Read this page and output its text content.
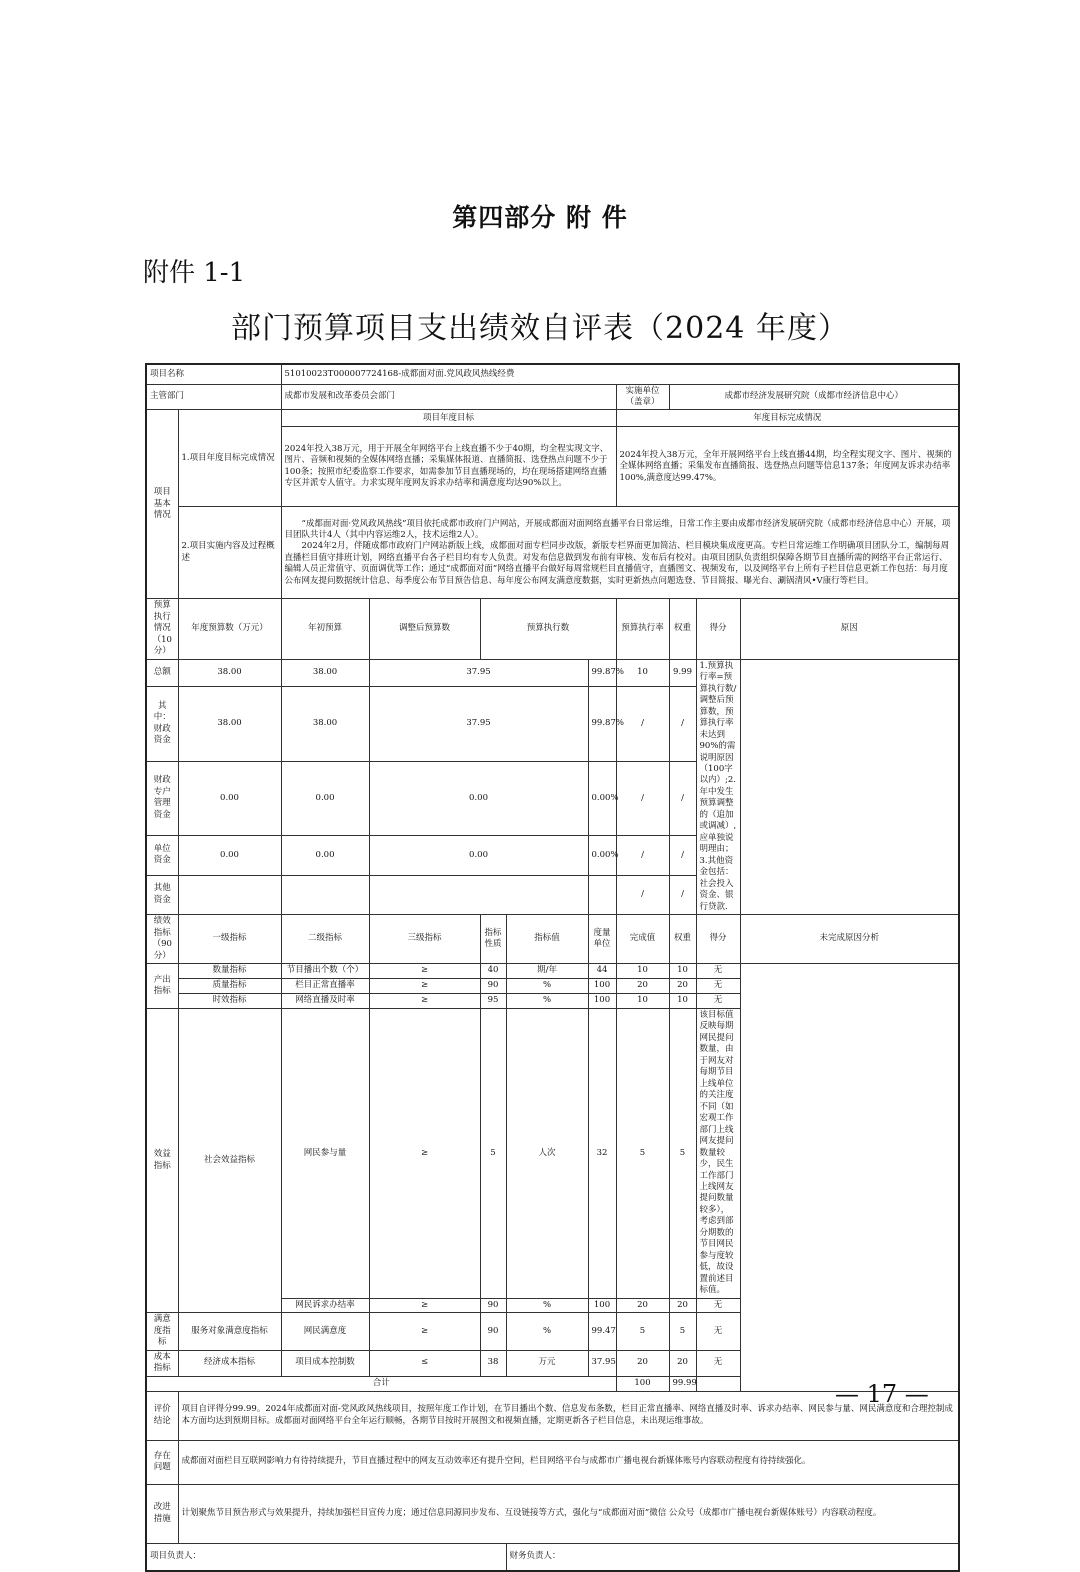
第四部分 附 件
附件 1-1
部门预算项目支出绩效自评表（2024 年度）
项目名称		51010023T000007724168-成都面对面.党风政风热线经费								
主管部门		成都市发展和改革委员会部门					实施单位（盖章）	成都市经济发展研究院（成都市经济信息中心）		
项目基本情况	1.项目年度目标完成情况	项目年度目标					年度目标完成情况			
		2024年投入38万元，用于开展全年网络平台上线直播不少于40期，均全程实现文字、图片、音频和视频的全媒体网络直播；采集媒体报道、直播简报、选登热点问题不少于100条；按照市纪委监察工作要求，如需参加节目直播现场的，均在现场搭建网络直播专区并派专人值守。力求实现年度网友诉求办结率和满意度均达90%以上。					2024年投入38万元，全年开展网络平台上线直播44期，均全程实现文字、图片、视频的全媒体网络直播；采集发布直播简报、选登热点问题等信息137条；年度网友诉求办结率100%,满意度达99.47%。			
	2.项目实施内容及过程概述	“成都面对面·党风政风热线”项目依托成都市政府门户网站，开展成都面对面网络直播平台日常运维，日常工作主要由成都市经济发展研究院（成都市经济信息中心）开展，项目团队共计4人（其中内容运维2人，技术运维2人）。
2024年2月，伴随成都市政府门户网站新版上线，成都面对面专栏同步改版，新版专栏界面更加简洁、栏目模块集成度更高。专栏日常运维工作明确项目团队分工，编制每周直播栏目值守排班计划，网络直播平台各子栏目均有专人负责。对发布信息做到发布前有审核、发布后有校对。由项目团队负责组织保障各期节目直播所需的网络平台正常运行、编辑人员正常值守、页面调优等工作；通过“成都面对面”网络直播平台做好每周常规栏目直播值守，直播图文、视频发布，以及网络平台上所有子栏目信息更新工作包括：每月度公布网友提问数据统计信息、每季度公布节目预告信息、每年度公布网友满意度数据，实时更新热点问题选登、节目简报、曝光台、涮锅清风•V康行等栏目。								

预算执行情况（10分）	年度预算数（万元）	年初预算	调整后预算数	预算执行数			预算执行率	权重	得分	原因
总额	38.00	38.00	37.95			99.87%	10	9.99	1.预算执行率=预算执行数/调整后预算数，预算执行率未达到90%的需说明原因（100字以内）;2.年中发生预算调整的（追加或调减）,应单独说明理由；3.其他资金包括：社会投入资金、银行贷款.	
其中：财政资金	38.00	38.00	37.95			99.87%	/	/		
财政专户管理资金	0.00	0.00	0.00			0.00%	/	/		
单位资金	0.00	0.00	0.00			0.00%	/	/		
其他资金							/	/		
绩效指标（90分）	一级指标	二级指标	三级指标	指标性质	指标值	度量单位	完成值	权重	得分	未完成原因分析
产出指标	数量指标	节目播出个数（个）	≥	40	期/年	44	10	10	无	
	质量指标	栏目正常直播率	≥	90	%	100	20	20	无	
	时效指标	网络直播及时率	≥	95	%	100	10	10	无	
效益指标	社会效益指标	网民参与量	≥	5	人次	32	5	5	该目标值反映每期网民提问数量，由于网友对每期节目上线单位的关注度不同（如宏观工作部门上线网友提问数量较少，民生工作部门上线网友提问数量较多），考虑到部分期数的节目网民参与度较低，故设置前述目标值。	
		网民诉求办结率	≥	90	%	100	20	20	无	
满意度指标	服务对象满意度指标	网民满意度	≥	90	%	99.47	5	5	无	
成本指标	经济成本指标	项目成本控制数	≤	38	万元	37.95	20	20	无	
合计							100	99.99		
评价结论	项目自评得分99.99。2024年成都面对面-党风政风热线项目，按照年度工作计划，在节目播出个数、信息发布条数，栏目正常直播率、网络直播及时率、诉求办结率、网民参与量、网民满意度和合理控制成本方面均达到预期目标。成都面对面网络平台全年运行顺畅，各期节目按时开展图文和视频直播，定期更新各子栏目信息，未出现运维事故。									
存在问题	成都面对面栏目互联网影响力有待持续提升，节目直播过程中的网友互动效率还有提升空间，栏目网络平台与成都市广播电视台新媒体账号内容联动程度有待持续强化。									
改进措施	计划聚焦节目预告形式与效果提升，持续加强栏目宣传力度；通过信息同源同步发布、互设链接等方式，强化与“成都面对面”微信 公众号（成都市广播电视台新媒体账号）内容联动程度。									
项目负责人：					财务负责人：					
— 17 —
